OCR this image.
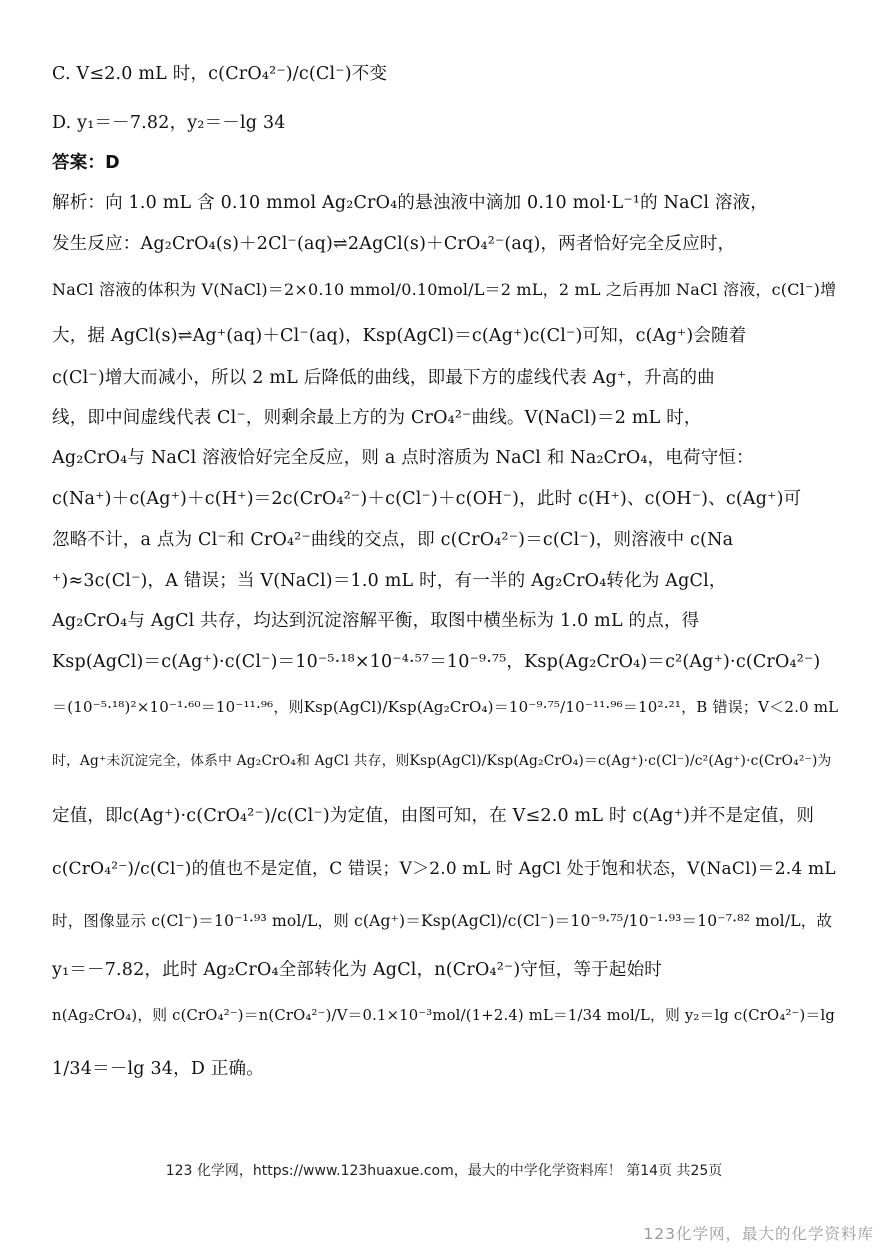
C. V≤2.0 mL 时，c(CrO₄²⁻)/c(Cl⁻)不变
D. y₁＝－7.82，y₂＝－lg 34
答案：D
解析：向 1.0 mL 含 0.10 mmol Ag₂CrO₄的悬浊液中滴加 0.10 mol·L⁻¹的 NaCl 溶液，
发生反应：Ag₂CrO₄(s)＋2Cl⁻(aq)⇌2AgCl(s)＋CrO₄²⁻(aq)，两者恰好完全反应时，
NaCl 溶液的体积为 V(NaCl)＝2×0.10 mmol/0.10mol/L＝2 mL，2 mL 之后再加 NaCl 溶液，c(Cl⁻)增
大，据 AgCl(s)⇌Ag⁺(aq)＋Cl⁻(aq)，Ksp(AgCl)＝c(Ag⁺)c(Cl⁻)可知，c(Ag⁺)会随着
c(Cl⁻)增大而减小，所以 2 mL 后降低的曲线，即最下方的虚线代表 Ag⁺，升高的曲
线，即中间虚线代表 Cl⁻，则剩余最上方的为 CrO₄²⁻曲线。V(NaCl)＝2 mL 时，
Ag₂CrO₄与 NaCl 溶液恰好完全反应，则 a 点时溶质为 NaCl 和 Na₂CrO₄，电荷守恒：
c(Na⁺)＋c(Ag⁺)＋c(H⁺)＝2c(CrO₄²⁻)＋c(Cl⁻)＋c(OH⁻)，此时 c(H⁺)、c(OH⁻)、c(Ag⁺)可
忽略不计，a 点为 Cl⁻和 CrO₄²⁻曲线的交点，即 c(CrO₄²⁻)＝c(Cl⁻)，则溶液中 c(Na
⁺)≈3c(Cl⁻)，A 错误；当 V(NaCl)＝1.0 mL 时，有一半的 Ag₂CrO₄转化为 AgCl，
Ag₂CrO₄与 AgCl 共存，均达到沉淀溶解平衡，取图中横坐标为 1.0 mL 的点，得
Ksp(AgCl)＝c(Ag⁺)·c(Cl⁻)＝10⁻⁵·¹⁸×10⁻⁴·⁵⁷＝10⁻⁹·⁷⁵，Ksp(Ag₂CrO₄)＝c²(Ag⁺)·c(CrO₄²⁻)
＝(10⁻⁵·¹⁸)²×10⁻¹·⁶⁰＝10⁻¹¹·⁹⁶，则Ksp(AgCl)/Ksp(Ag₂CrO₄)＝10⁻⁹·⁷⁵/10⁻¹¹·⁹⁶＝10²·²¹，B 错误；V＜2.0 mL
时，Ag⁺未沉淀完全，体系中 Ag₂CrO₄和 AgCl 共存，则Ksp(AgCl)/Ksp(Ag₂CrO₄)＝c(Ag⁺)·c(Cl⁻)/c²(Ag⁺)·c(CrO₄²⁻)为
定值，即c(Ag⁺)·c(CrO₄²⁻)/c(Cl⁻)为定值，由图可知，在 V≤2.0 mL 时 c(Ag⁺)并不是定值，则
c(CrO₄²⁻)/c(Cl⁻)的值也不是定值，C 错误；V＞2.0 mL 时 AgCl 处于饱和状态，V(NaCl)＝2.4 mL
时，图像显示 c(Cl⁻)＝10⁻¹·⁹³ mol/L，则 c(Ag⁺)＝Ksp(AgCl)/c(Cl⁻)＝10⁻⁹·⁷⁵/10⁻¹·⁹³＝10⁻⁷·⁸² mol/L，故
y₁＝－7.82，此时 Ag₂CrO₄全部转化为 AgCl，n(CrO₄²⁻)守恒，等于起始时
n(Ag₂CrO₄)，则 c(CrO₄²⁻)＝n(CrO₄²⁻)/V＝0.1×10⁻³mol/(1+2.4) mL＝1/34 mol/L，则 y₂＝lg c(CrO₄²⁻)＝lg
1/34＝－lg 34，D 正确。
123 化学网，https://www.123huaxue.com，最大的中学化学资料库！ 第14页 共25页
123化学网，最大的化学资料库
